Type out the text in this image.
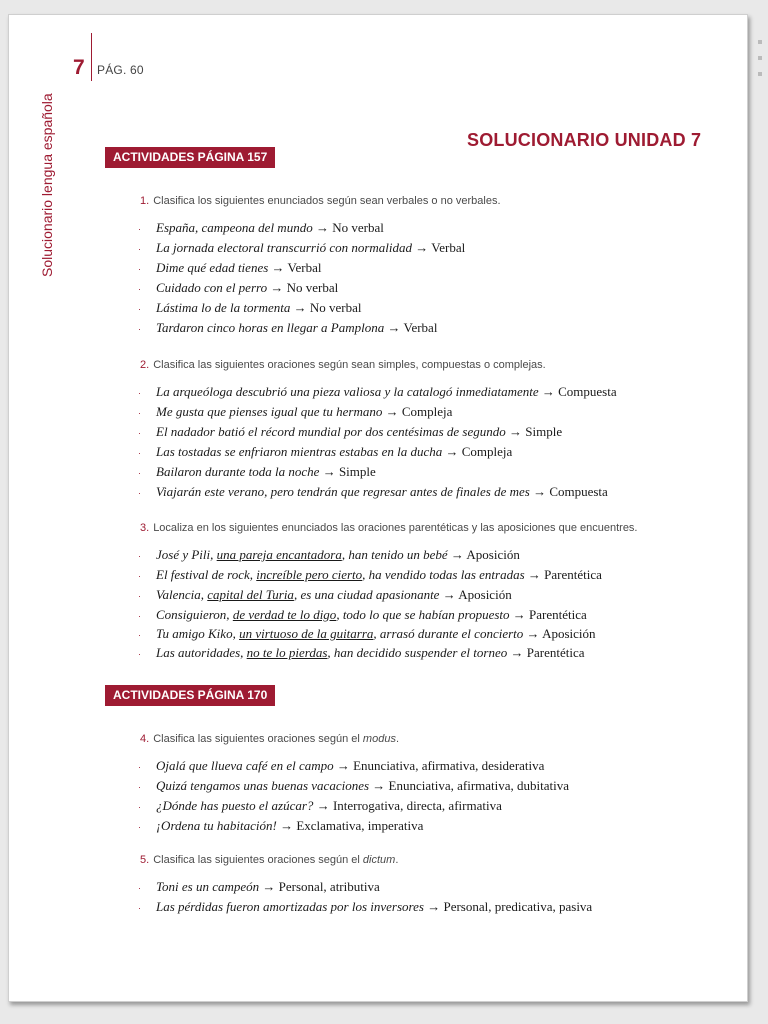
7 PÁG. 60
Solucionario lengua española	SOLUCIONARIO UNIDAD 7
ACTIVIDADES PÁGINA 157
ACTIVIDADES PÁGINA 170
1. Clasifica los siguientes enunciados según sean verbales o no verbales.
· España, campeona del mundo → No verbal
· La jornada electoral transcurrió con normalidad → Verbal
· Dime qué edad tienes → Verbal
· Cuidado con el perro → No verbal
· Lástima lo de la tormenta → No verbal
· Tardaron cinco horas en llegar a Pamplona → Verbal
2. Clasifica las siguientes oraciones según sean simples, compuestas o complejas.
· La arqueóloga descubrió una pieza valiosa y la catalogó inmediatamente → Compuesta
· Me gusta que pienses igual que tu hermano → Compleja
· El nadador batió el récord mundial por dos centésimas de segundo → Simple
· Las tostadas se enfriaron mientras estabas en la ducha → Compleja
· Bailaron durante toda la noche → Simple
· Viajarán este verano, pero tendrán que regresar antes de finales de mes → Compuesta
3. Localiza en los siguientes enunciados las oraciones parentéticas y las aposiciones que encuentres.
· José y Pili, una pareja encantadora, han tenido un bebé → Aposición
· El festival de rock, increíble pero cierto, ha vendido todas las entradas → Parentética
· Valencia, capital del Turia, es una ciudad apasionante → Aposición
· Consiguieron, de verdad te lo digo, todo lo que se habían propuesto → Parentética
· Tu amigo Kiko, un virtuoso de la guitarra, arrasó durante el concierto → Aposición
· Las autoridades, no te lo pierdas, han decidido suspender el torneo → Parentética
4. Clasifica las siguientes oraciones según el modus.
· Ojalá que llueva café en el campo → Enunciativa, afirmativa, desiderativa
· Quizá tengamos unas buenas vacaciones → Enunciativa, afirmativa, dubitativa
· ¿Dónde has puesto el azúcar? → Interrogativa, directa, afirmativa
· ¡Ordena tu habitación! → Exclamativa, imperativa
5. Clasifica las siguientes oraciones según el dictum.
· Toni es un campeón → Personal, atributiva
· Las pérdidas fueron amortizadas por los inversores → Personal, predicativa, pasiva
